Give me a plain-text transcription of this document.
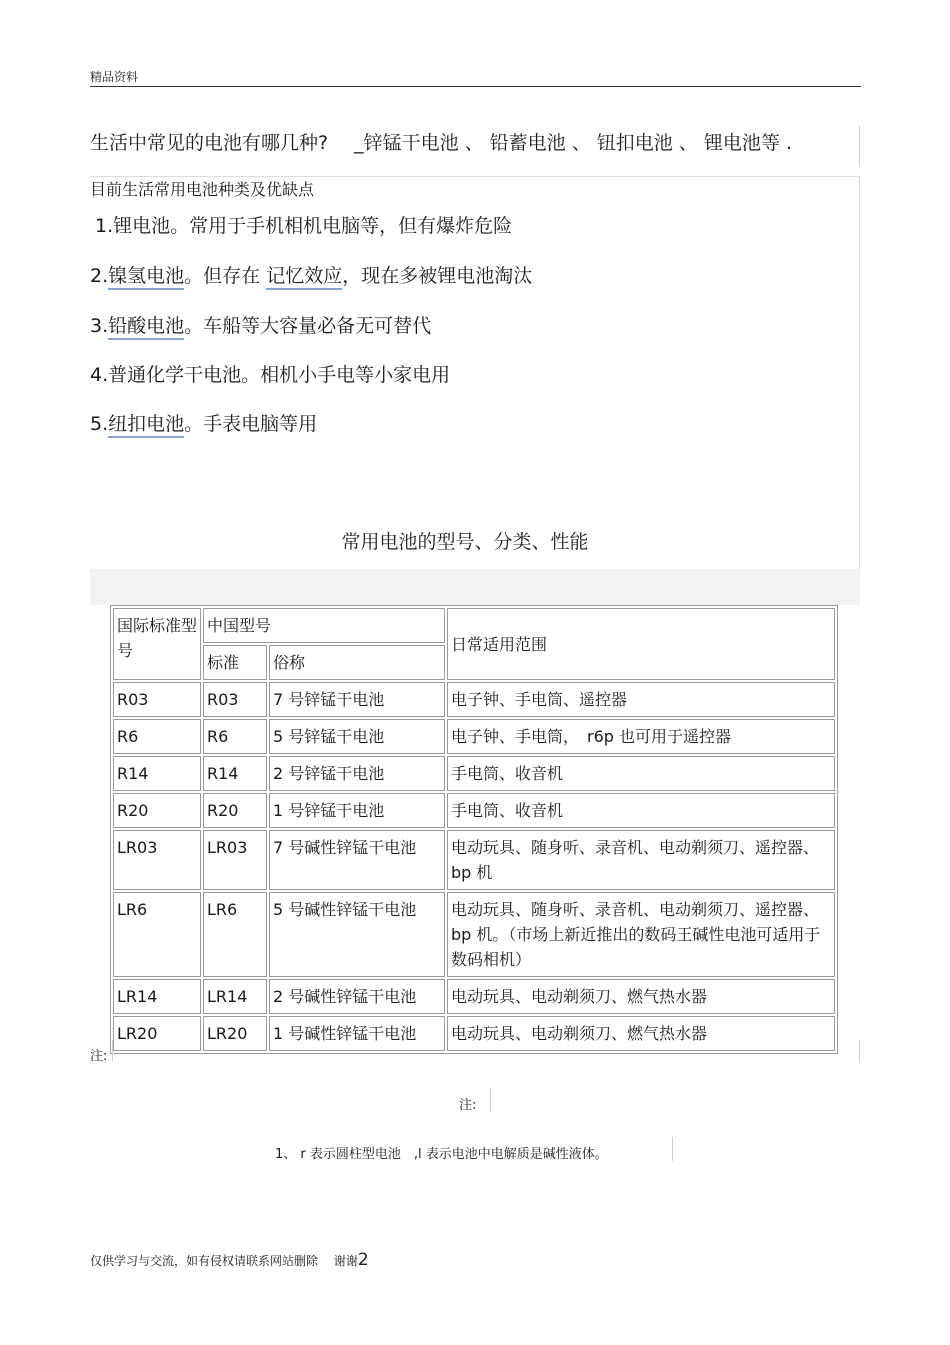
精品资料
生活中常见的电池有哪几种? _锌锰干电池 、 铅蓄电池 、 钮扣电池 、 锂电池等 .
目前生活常用电池种类及优缺点
1.锂电池。常用于手机相机电脑等，但有爆炸危险
2.镍氢电池。但存在 记忆效应，现在多被锂电池淘汰
3.铅酸电池。车船等大容量必备无可替代
4.普通化学干电池。相机小手电等小家电用
5.纽扣电池。手表电脑等用
常用电池的型号、分类、性能
国际标准型号	中国型号		日常适用范围
	标准	俗称	
R03	R03	7 号锌锰干电池	电子钟、手电筒、遥控器
R6	R6	5 号锌锰干电池	电子钟、手电筒，　r6p 也可用于遥控器
R14	R14	2 号锌锰干电池	手电筒、收音机
R20	R20	1 号锌锰干电池	手电筒、收音机
LR03	LR03	7 号碱性锌锰干电池	电动玩具、随身听、录音机、电动剃须刀、遥控器、 bp 机
LR6	LR6	5 号碱性锌锰干电池	电动玩具、随身听、录音机、电动剃须刀、遥控器、 bp 机。（市场上新近推出的数码王碱性电池可适用于数码相机）
LR14	LR14	2 号碱性锌锰干电池	电动玩具、电动剃须刀、燃气热水器
LR20	LR20	1 号碱性锌锰干电池	电动玩具、电动剃须刀、燃气热水器
注:
注:
1、 r 表示圆柱型电池　,l 表示电池中电解质是碱性液体。
仅供学习与交流，如有侵权请联系网站删除　 谢谢2
